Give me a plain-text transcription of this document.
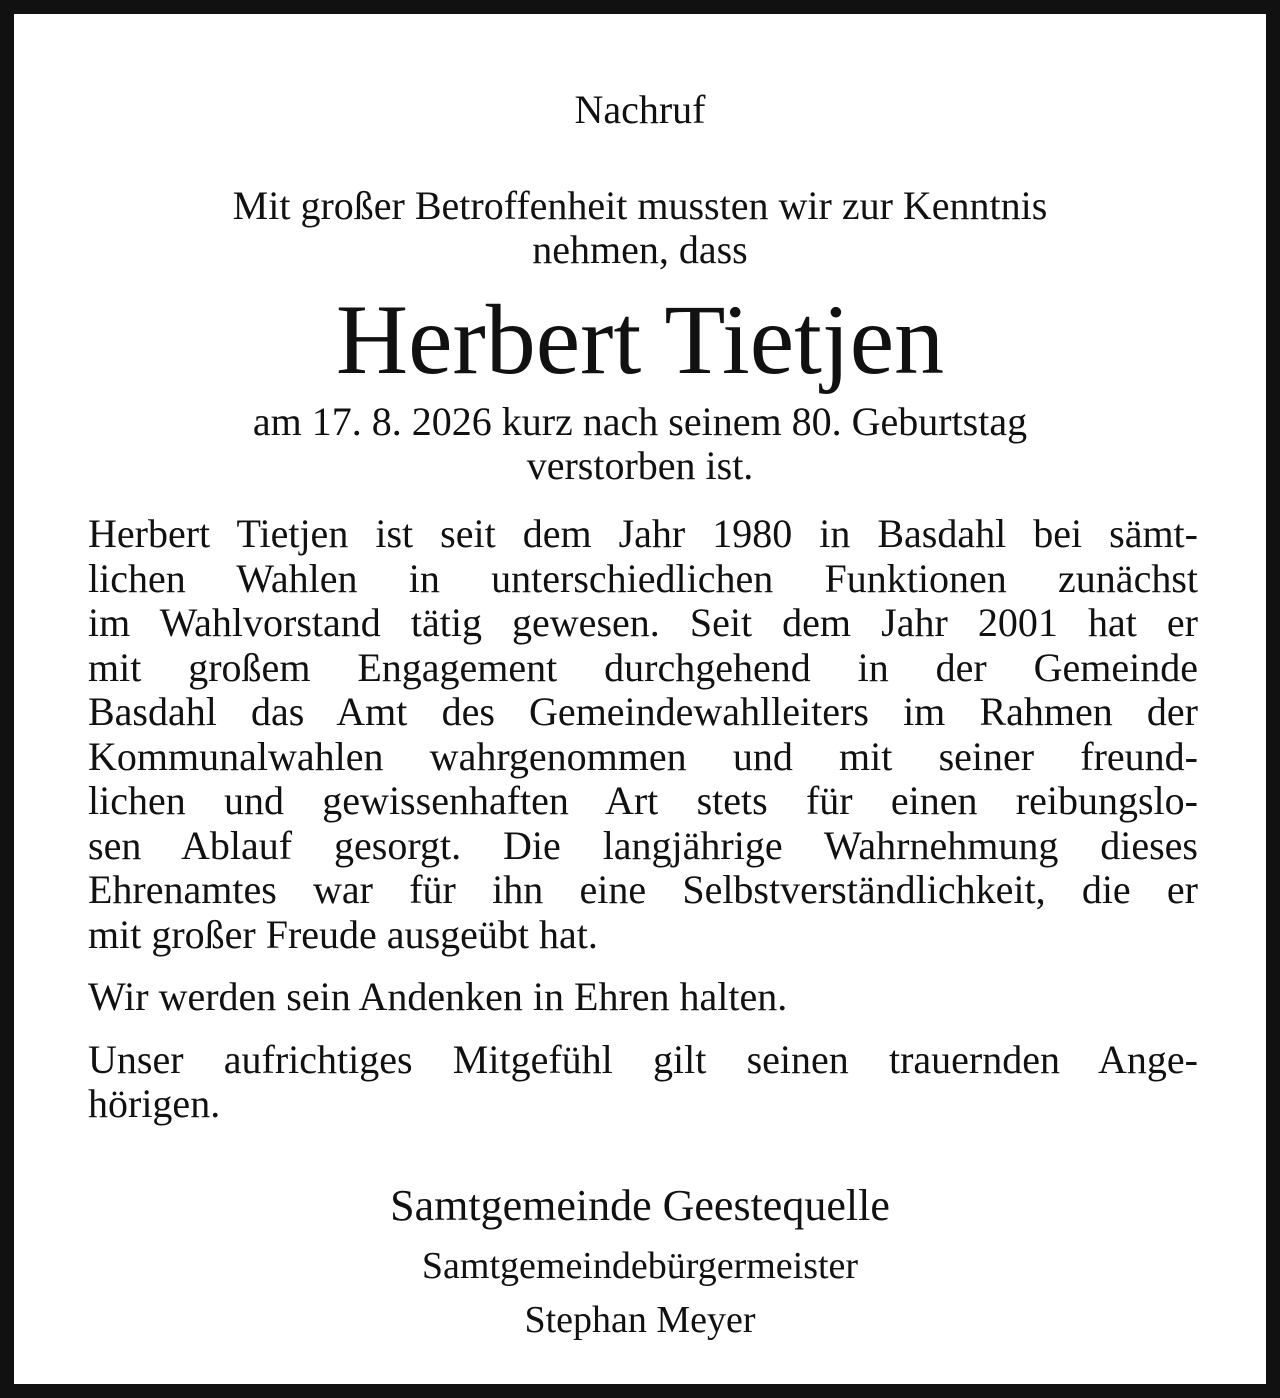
Nachruf
Mit großer Betroffenheit mussten wir zur Kenntnis
nehmen, dass
Herbert Tietjen
am 17. 8. 2026 kurz nach seinem 80. Geburtstag
verstorben ist.

Herbert Tietjen ist seit dem Jahr 1980 in Basdahl bei sämt-
lichen Wahlen in unterschiedlichen Funktionen zunächst
im Wahlvorstand tätig gewesen. Seit dem Jahr 2001 hat er
mit großem Engagement durchgehend in der Gemeinde
Basdahl das Amt des Gemeindewahlleiters im Rahmen der
Kommunalwahlen wahrgenommen und mit seiner freund-
lichen und gewissenhaften Art stets für einen reibungslo-
sen Ablauf gesorgt. Die langjährige Wahrnehmung dieses
Ehrenamtes war für ihn eine Selbstverständlichkeit, die er
mit großer Freude ausgeübt hat.

Wir werden sein Andenken in Ehren halten.

Unser aufrichtiges Mitgefühl gilt seinen trauernden Ange-
hörigen.

Samtgemeinde Geestequelle
Samtgemeindebürgermeister
Stephan Meyer
